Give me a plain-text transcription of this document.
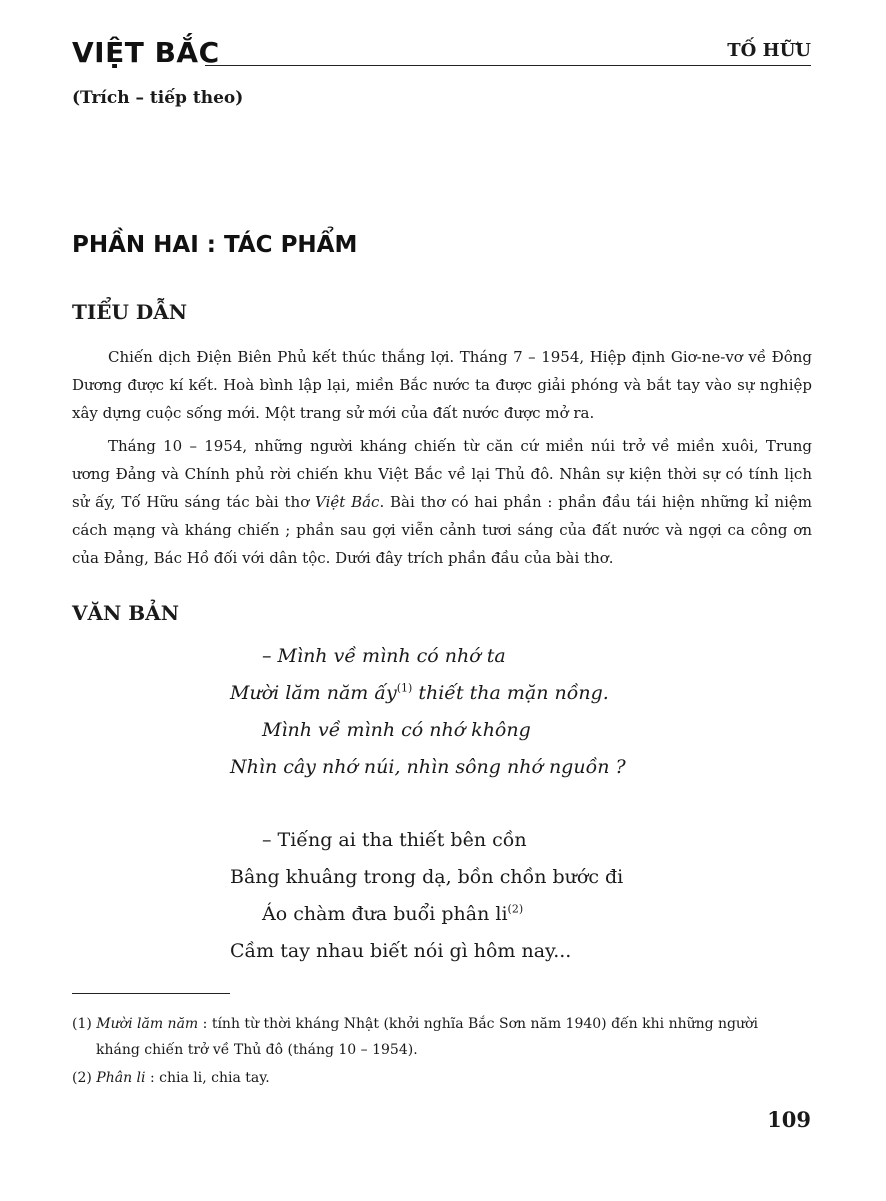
VIỆT BẮC	TỐ HỮU
(Trích – tiếp theo)
PHẦN HAI : TÁC PHẨM
TIỂU DẪN

Chiến dịch Điện Biên Phủ kết thúc thắng lợi. Tháng 7 – 1954, Hiệp định Giơ-ne-vơ về Đông Dương được kí kết. Hoà bình lập lại, miền Bắc nước ta được giải phóng và bắt tay vào sự nghiệp xây dựng cuộc sống mới. Một trang sử mới của đất nước được mở ra.

Tháng 10 – 1954, những người kháng chiến từ căn cứ miền núi trở về miền xuôi, Trung ương Đảng và Chính phủ rời chiến khu Việt Bắc về lại Thủ đô. Nhân sự kiện thời sự có tính lịch sử ấy, Tố Hữu sáng tác bài thơ Việt Bắc. Bài thơ có hai phần : phần đầu tái hiện những kỉ niệm cách mạng và kháng chiến ; phần sau gợi viễn cảnh tươi sáng của đất nước và ngợi ca công ơn của Đảng, Bác Hồ đối với dân tộc. Dưới đây trích phần đầu của bài thơ.

VĂN BẢN
– Mình về mình có nhớ ta
Mười lăm năm ấy$^{(1)}$ thiết tha mặn nồng.
Mình về mình có nhớ không
Nhìn cây nhớ núi, nhìn sông nhớ nguồn ?
– Tiếng ai tha thiết bên cồn
Bâng khuâng trong dạ, bồn chồn bước đi
Áo chàm đưa buổi phân $li^{(2)}$
Cầm tay nhau biết nói gì hôm nay...
(1) Mười lăm năm : tính từ thời kháng Nhật (khởi nghĩa Bắc Sơn năm 1940) đến khi những người
kháng chiến trở về Thủ đô (tháng 10 – 1954).
(2) Phân li : chia li, chia tay.
109
